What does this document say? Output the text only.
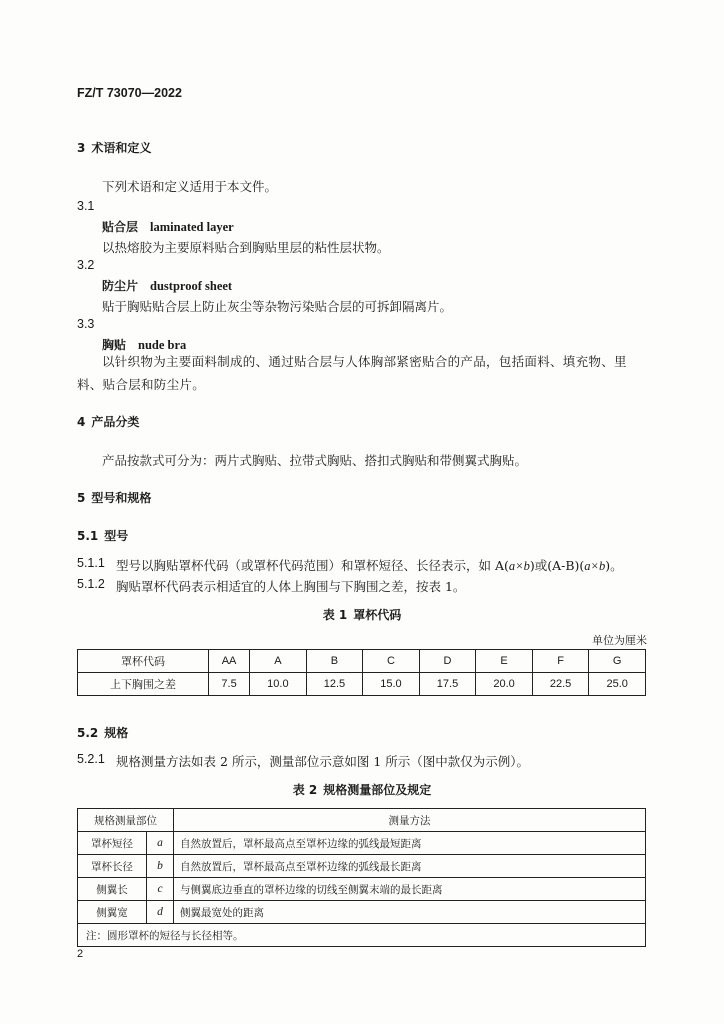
FZ/T 73070—2022
3 术语和定义
下列术语和定义适用于本文件。
3.1
贴合层 laminated layer
以热熔胶为主要原料贴合到胸贴里层的粘性层状物。
3.2
防尘片 dustproof sheet
贴于胸贴贴合层上防止灰尘等杂物污染贴合层的可拆卸隔离片。
3.3
胸贴 nude bra
以针织物为主要面料制成的、通过贴合层与人体胸部紧密贴合的产品，包括面料、填充物、里料、贴合层和防尘片。
4 产品分类
产品按款式可分为：两片式胸贴、拉带式胸贴、搭扣式胸贴和带侧翼式胸贴。
5 型号和规格
5.1 型号
5.1.1 型号以胸贴罩杯代码（或罩杯代码范围）和罩杯短径、长径表示，如 A(a×b)或(A-B)(a×b)。
5.1.2 胸贴罩杯代码表示相适宜的人体上胸围与下胸围之差，按表 1。
表 1 罩杯代码
单位为厘米
罩杯代码	AA	A	B	C	D	E	F	G
上下胸围之差	7.5	10.0	12.5	15.0	17.5	20.0	22.5	25.0
5.2 规格
5.2.1 规格测量方法如表 2 所示，测量部位示意如图 1 所示（图中款仅为示例）。
表 2 规格测量部位及规定
规格测量部位		测量方法
罩杯短径	a	自然放置后，罩杯最高点至罩杯边缘的弧线最短距离
罩杯长径	b	自然放置后，罩杯最高点至罩杯边缘的弧线最长距离
侧翼长	c	与侧翼底边垂直的罩杯边缘的切线至侧翼末端的最长距离
侧翼宽	d	侧翼最宽处的距离
注：圆形罩杯的短径与长径相等。		
2
